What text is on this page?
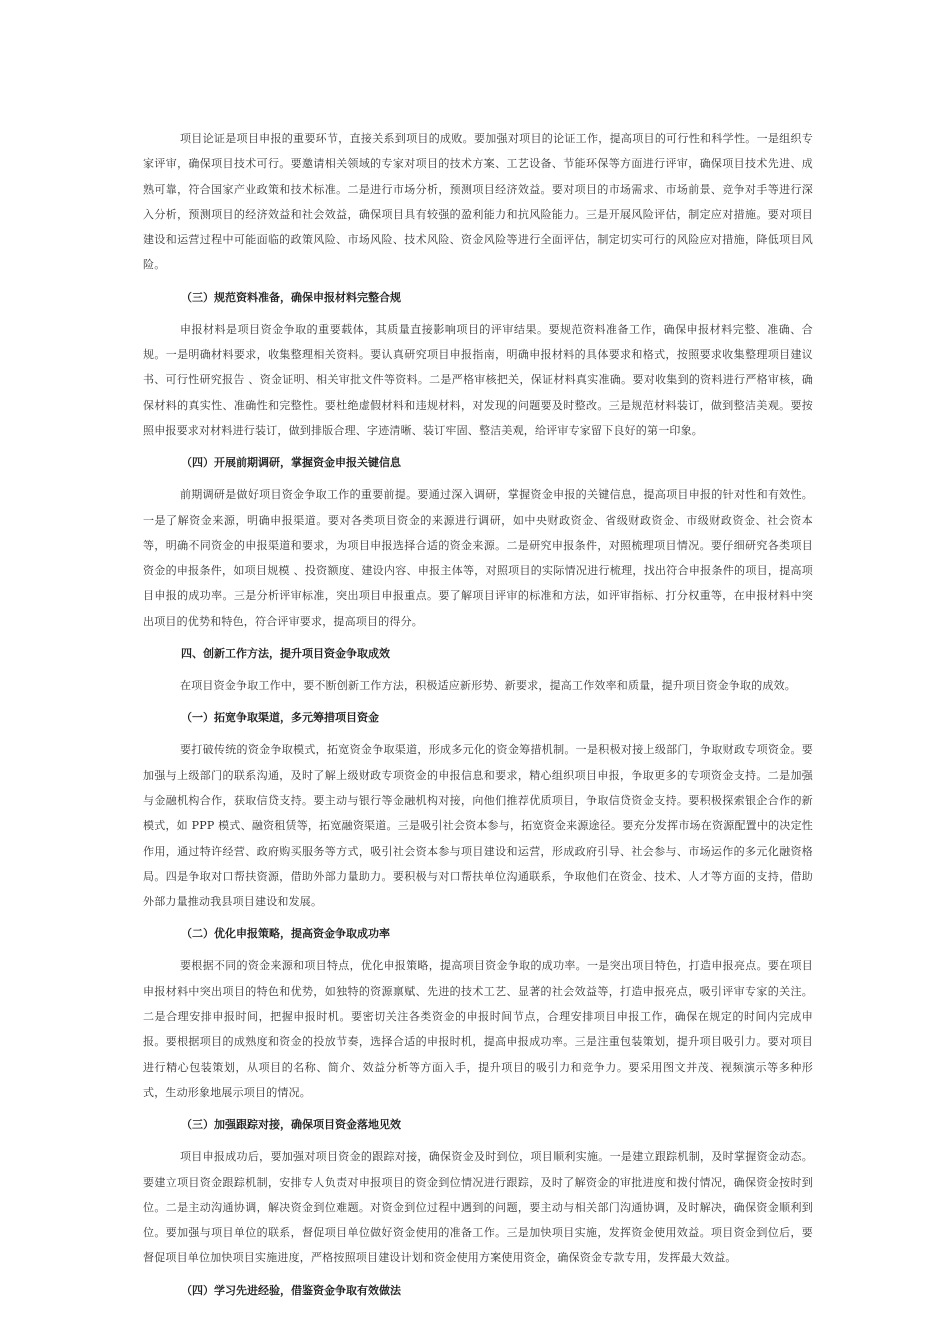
项目论证是项目申报的重要环节，直接关系到项目的成败。要加强对项目的论证工作，提高项目的可行性和科学性。一是组织专家评审，确保项目技术可行。要邀请相关领域的专家对项目的技术方案、工艺设备、节能环保等方面进行评审，确保项目技术先进、成熟可靠，符合国家产业政策和技术标准。二是进行市场分析，预测项目经济效益。要对项目的市场需求、市场前景、竞争对手等进行深入分析，预测项目的经济效益和社会效益，确保项目具有较强的盈利能力和抗风险能力。三是开展风险评估，制定应对措施。要对项目建设和运营过程中可能面临的政策风险、市场风险、技术风险、资金风险等进行全面评估，制定切实可行的风险应对措施，降低项目风险。

（三）规范资料准备，确保申报材料完整合规

申报材料是项目资金争取的重要载体，其质量直接影响项目的评审结果。要规范资料准备工作，确保申报材料完整、准确、合规。一是明确材料要求，收集整理相关资料。要认真研究项目申报指南，明确申报材料的具体要求和格式，按照要求收集整理项目建议书、可行性研究报告 、资金证明、相关审批文件等资料。二是严格审核把关，保证材料真实准确。要对收集到的资料进行严格审核，确保材料的真实性、准确性和完整性。要杜绝虚假材料和违规材料，对发现的问题要及时整改。三是规范材料装订，做到整洁美观。要按照申报要求对材料进行装订，做到排版合理、字迹清晰、装订牢固、整洁美观，给评审专家留下良好的第一印象。

（四）开展前期调研，掌握资金申报关键信息

前期调研是做好项目资金争取工作的重要前提。要通过深入调研，掌握资金申报的关键信息，提高项目申报的针对性和有效性。一是了解资金来源，明确申报渠道。要对各类项目资金的来源进行调研，如中央财政资金、省级财政资金、市级财政资金、社会资本等，明确不同资金的申报渠道和要求，为项目申报选择合适的资金来源。二是研究申报条件，对照梳理项目情况。要仔细研究各类项目资金的申报条件，如项目规模 、投资额度、建设内容、申报主体等，对照项目的实际情况进行梳理，找出符合申报条件的项目，提高项目申报的成功率。三是分析评审标准，突出项目申报重点。要了解项目评审的标准和方法，如评审指标、打分权重等，在申报材料中突出项目的优势和特色，符合评审要求，提高项目的得分。

四、创新工作方法，提升项目资金争取成效

在项目资金争取工作中，要不断创新工作方法，积极适应新形势、新要求，提高工作效率和质量，提升项目资金争取的成效。

（一）拓宽争取渠道，多元筹措项目资金

要打破传统的资金争取模式，拓宽资金争取渠道，形成多元化的资金筹措机制。一是积极对接上级部门，争取财政专项资金。要加强与上级部门的联系沟通，及时了解上级财政专项资金的申报信息和要求，精心组织项目申报，争取更多的专项资金支持。二是加强与金融机构合作，获取信贷支持。要主动与银行等金融机构对接，向他们推荐优质项目，争取信贷资金支持。要积极探索银企合作的新模式，如 PPP 模式、融资租赁等，拓宽融资渠道。三是吸引社会资本参与，拓宽资金来源途径。要充分发挥市场在资源配置中的决定性作用，通过特许经营、政府购买服务等方式，吸引社会资本参与项目建设和运营，形成政府引导、社会参与、市场运作的多元化融资格局。四是争取对口帮扶资源，借助外部力量助力。要积极与对口帮扶单位沟通联系，争取他们在资金、技术、人才等方面的支持，借助外部力量推动我县项目建设和发展。

（二）优化申报策略，提高资金争取成功率

要根据不同的资金来源和项目特点，优化申报策略，提高项目资金争取的成功率。一是突出项目特色，打造申报亮点。要在项目申报材料中突出项目的特色和优势，如独特的资源禀赋、先进的技术工艺、显著的社会效益等，打造申报亮点，吸引评审专家的关注。二是合理安排申报时间，把握申报时机。要密切关注各类资金的申报时间节点，合理安排项目申报工作，确保在规定的时间内完成申报。要根据项目的成熟度和资金的投放节奏，选择合适的申报时机，提高申报成功率。三是注重包装策划，提升项目吸引力。要对项目进行精心包装策划，从项目的名称、简介、效益分析等方面入手，提升项目的吸引力和竞争力。要采用图文并茂、视频演示等多种形式，生动形象地展示项目的情况。

（三）加强跟踪对接，确保项目资金落地见效

项目申报成功后，要加强对项目资金的跟踪对接，确保资金及时到位，项目顺利实施。一是建立跟踪机制，及时掌握资金动态。要建立项目资金跟踪机制，安排专人负责对申报项目的资金到位情况进行跟踪，及时了解资金的审批进度和拨付情况，确保资金按时到位。二是主动沟通协调，解决资金到位难题。对资金到位过程中遇到的问题，要主动与相关部门沟通协调，及时解决，确保资金顺利到位。要加强与项目单位的联系，督促项目单位做好资金使用的准备工作。三是加快项目实施，发挥资金使用效益。项目资金到位后，要督促项目单位加快项目实施进度，严格按照项目建设计划和资金使用方案使用资金，确保资金专款专用，发挥最大效益。

（四）学习先进经验，借鉴资金争取有效做法
